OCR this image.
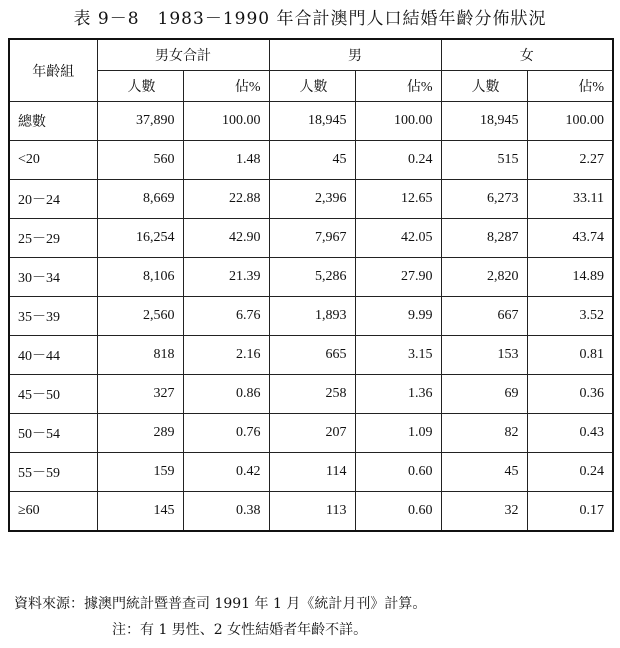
表 9－8　1983－1990 年合計澳門人口結婚年齡分佈狀況
年齡組	男女合計		男		女	
	人數	佔%	人數	佔%	人數	佔%
總數	37,890	100.00	18,945	100.00	18,945	100.00
<20	560	1.48	45	0.24	515	2.27
20－24	8,669	22.88	2,396	12.65	6,273	33.11
25－29	16,254	42.90	7,967	42.05	8,287	43.74
30－34	8,106	21.39	5,286	27.90	2,820	14.89
35－39	2,560	6.76	1,893	9.99	667	3.52
40－44	818	2.16	665	3.15	153	0.81
45－50	327	0.86	258	1.36	69	0.36
50－54	289	0.76	207	1.09	82	0.43
55－59	159	0.42	114	0.60	45	0.24
≥60	145	0.38	113	0.60	32	0.17
資料來源：據澳門統計暨普查司 1991 年 1 月《統計月刊》計算。
注：有 1 男性、2 女性結婚者年齡不詳。
